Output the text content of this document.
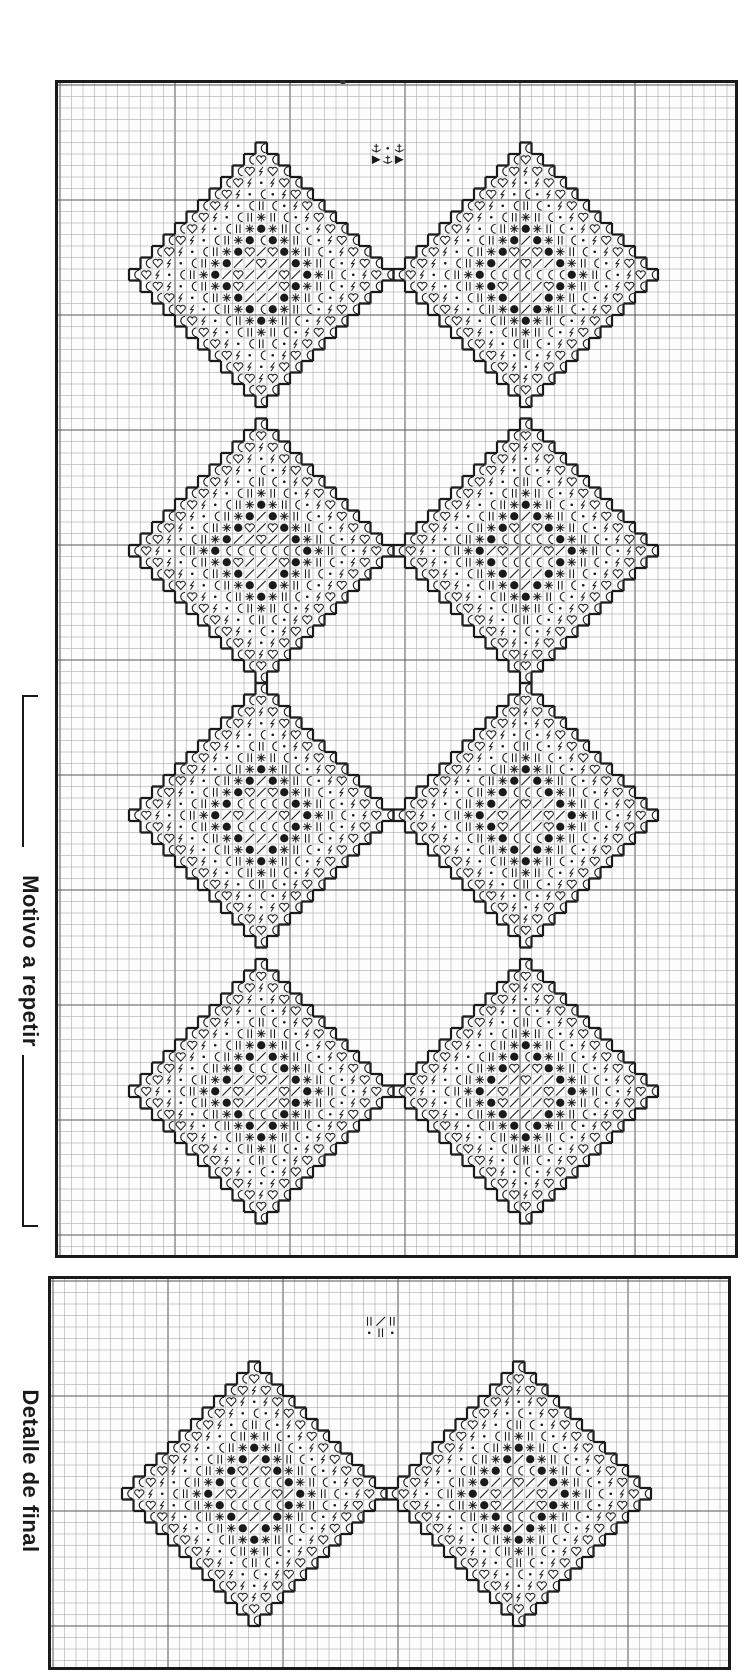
Motivo a repetir
Detalle de final
